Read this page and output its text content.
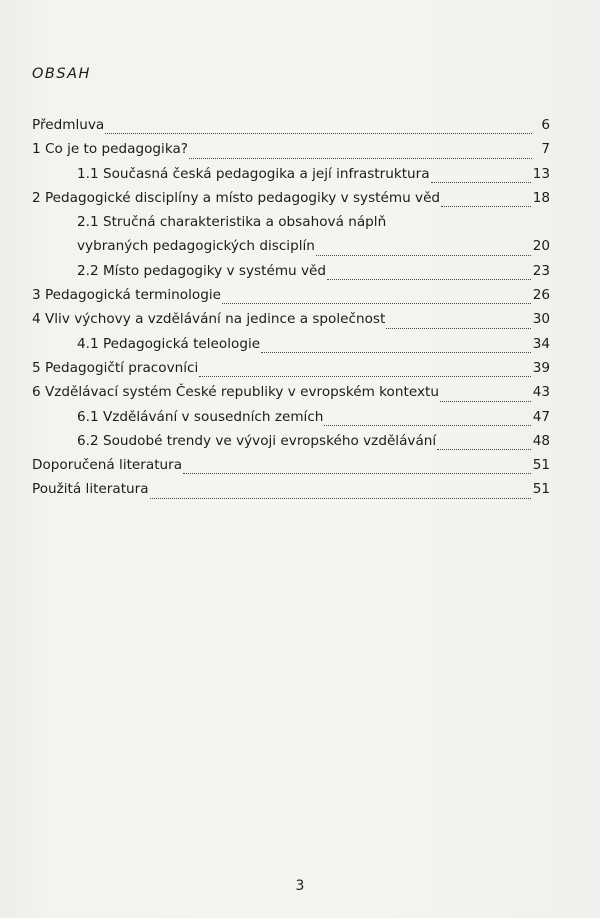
OBSAH
Předmluva	6
1 Co je to pedagogika?	7
1.1 Současná česká pedagogika a její infrastruktura	13
2 Pedagogické disciplíny a místo pedagogiky v systému věd	18
2.1 Stručná charakteristika a obsahová náplň
vybraných pedagogických disciplín	20
2.2 Místo pedagogiky v systému věd	23
3 Pedagogická terminologie	26
4 Vliv výchovy a vzdělávání na jedince a společnost	30
4.1 Pedagogická teleologie	34
5 Pedagogičtí pracovníci	39
6 Vzdělávací systém České republiky v evropském kontextu	43
6.1 Vzdělávání v sousedních zemích	47
6.2 Soudobé trendy ve vývoji evropského vzdělávání	48
Doporučená literatura	51
Použitá literatura	51
3
